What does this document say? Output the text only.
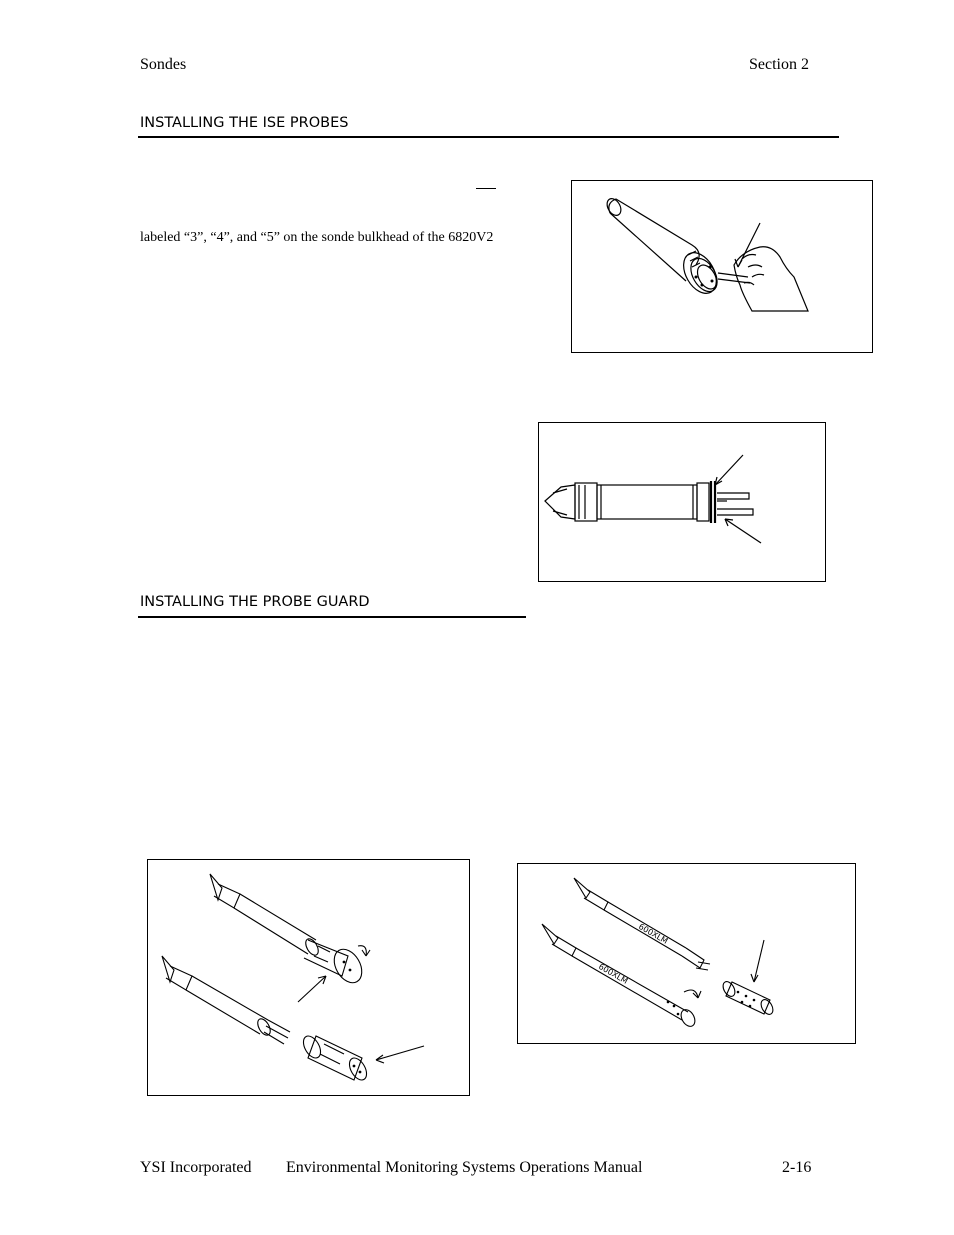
Sondes	Section 2
INSTALLING THE ISE PROBES
labeled “3”, “4”, and “5” on the sonde bulkhead of the 6820V2
INSTALLING THE PROBE GUARD
600XLM
600XLM
YSI Incorporated Environmental Monitoring Systems Operations Manual	2-16
